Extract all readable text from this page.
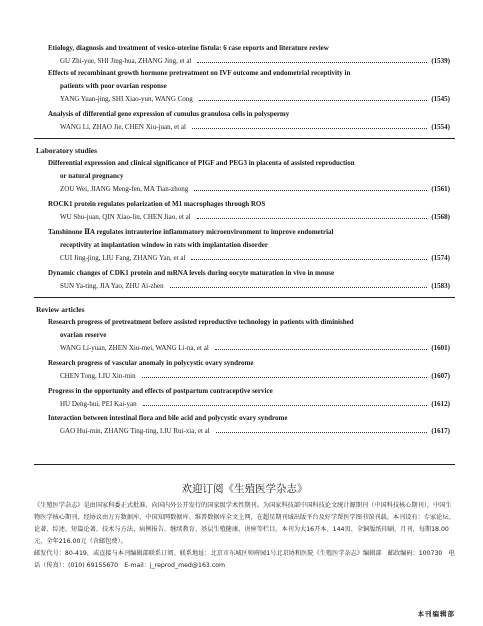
Etiology, diagnosis and treatment of vesico-uterine fistula: 6 case reports and literature review
GU Zhi-yue, SHI Jing-hua, ZHANG Jing, et al	(1539)
Effects of recombinant growth hormone pretreatment on IVF outcome and endometrial receptivity in
patients with poor ovarian response
YANG Yuan-jing, SHI Xiao-yun, WANG Cong	(1545)
Analysis of differential gene expression of cumulus granulosa cells in polyspermy
WANG Li, ZHAO Jie, CHEN Xiu-juan, et al	(1554)
Laboratory studies
Differential expression and clinical significance of PIGF and PEG3 in placenta of assisted reproduction
or natural pregnancy
ZOU Wei, JIANG Meng-fen, MA Tian-zhong	(1561)
ROCK1 protein regulates polarization of M1 macrophages through ROS
WU Shu-juan, QIN Xiao-lin, CHEN Jiao, et al	(1568)
Tanshinone ⅡA regulates intrauterine inflammatory microenvironment to improve endometrial
receptivity at implantation window in rats with implantation disorder
CUI Jing-jing, LIU Fang, ZHANG Yan, et al	(1574)
Dynamic changes of CDK1 protein and mRNA levels during oocyte maturation in vivo in mouse
SUN Ya-ting, JIA Yao, ZHU Ai-zhen	(1583)
Review articles
Research progress of pretreatment before assisted reproductive technology in patients with diminished
ovarian reserve
WANG Li-yuan, ZHEN Xiu-mei, WANG Li-na, et al	(1601)
Research progress of vascular anomaly in polycystic ovary syndrome
CHEN Tong, LIU Xin-min	(1607)
Progress in the opportunity and effects of postpartum contraceptive service
HU Deng-hui, PEI Kai-yan	(1612)
Interaction between intestinal flora and bile acid and polycystic ovary syndrome
GAO Hui-min, ZHANG Ting-ting, LIU Rui-xia, et al	(1617)
欢迎订阅《生殖医学杂志》
《生殖医学杂志》是由国家科委正式批准、向国内外公开发行的国家级学术性期刊。为国家科技部中国科技论文统计源期刊（中国科技核心期刊），中国生物医学核心期刊，经协议由万方数据库、中国知网数据库、维普数据库全文上网，在超星期刊域出版平台及好学帮医学图书馆刊载。本刊设有：专家论坛、论著、综述、短篇论著、技术与方法、病例报告、继续教育、基层生殖健康、讲座等栏目。本刊为大16开本、144页、全铜版纸印刷，月刊，每期18.00元，全年216.00元（含邮包费）。
邮发代号：80-419，或直接与本刊编辑部联系订阅。联系地址：北京市东城区帅府园1号北京协和医院《生殖医学杂志》编辑部　邮政编码：100730　电话（传真）：(010) 69155670　E-mail：j_reprod_med@163.com
本刊编辑部
